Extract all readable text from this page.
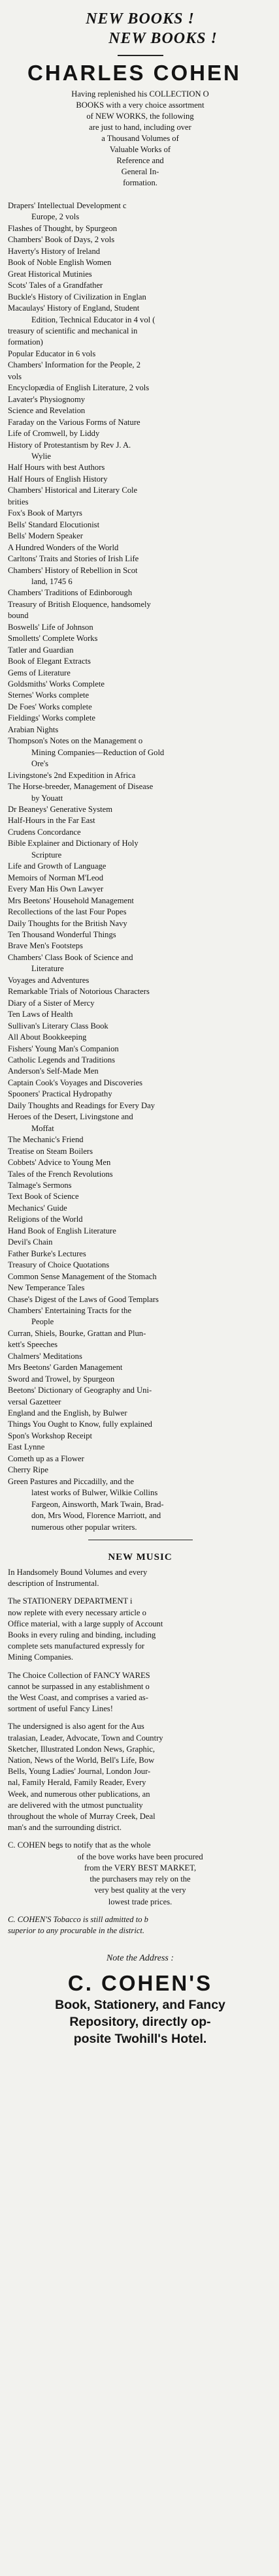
NEW BOOKS !
NEW BOOKS !
CHARLES COHEN
Having replenished his COLLECTION O
BOOKS with a very choice assortment
of NEW WORKS, the following
are just to hand, including over
a Thousand Volumes of
Valuable Works of
Reference and
General In-
formation.
Drapers' Intellectual Development c
Europe, 2 vols
Flashes of Thought, by Spurgeon
Chambers' Book of Days, 2 vols
Haverty's History of Ireland
Book of Noble English Women
Great Historical Mutinies
Scots' Tales of a Grandfather
Buckle's History of Civilization in Englan
Macaulays' History of England, Student
Edition, Technical Educator in 4 vol (
treasury of scientific and mechanical in
formation)
Popular Educator in 6 vols
Chambers' Information for the People, 2
vols
Encyclopædia of English Literature, 2 vols
Lavater's Physiognomy
Science and Revelation
Faraday on the Various Forms of Nature
Life of Cromwell, by Liddy
History of Protestantism by Rev J. A.
Wylie
Half Hours with best Authors
Half Hours of English History
Chambers' Historical and Literary Cole
brities
Fox's Book of Martyrs
Bells' Standard Elocutionist
Bells' Modern Speaker
A Hundred Wonders of the World
Carltons' Traits and Stories of Irish Life
Chambers' History of Rebellion in Scot
land, 1745 6
Chambers' Traditions of Edinborough
Treasury of British Eloquence, handsomely
bound
Boswells' Life of Johnson
Smolletts' Complete Works
Tatler and Guardian
Book of Elegant Extracts
Gems of Literature
Goldsmiths' Works Complete
Sternes' Works complete
De Foes' Works complete
Fieldings' Works complete
Arabian Nights
Thompson's Notes on the Management o
Mining Companies—Reduction of Gold
Ore's
Livingstone's 2nd Expedition in Africa
The Horse-breeder, Management of Disease
by Youatt
Dr Beaneys' Generative System
Half-Hours in the Far East
Crudens Concordance
Bible Explainer and Dictionary of Holy
Scripture
Life and Growth of Language
Memoirs of Norman M'Leod
Every Man His Own Lawyer
Mrs Beetons' Household Management
Recollections of the last Four Popes
Daily Thoughts for the British Navy
Ten Thousand Wonderful Things
Brave Men's Footsteps
Chambers' Class Book of Science and
Literature
Voyages and Adventures
Remarkable Trials of Notorious Characters
Diary of a Sister of Mercy
Ten Laws of Health
Sullivan's Literary Class Book
All About Bookkeeping
Fishers' Young Man's Companion
Catholic Legends and Traditions
Anderson's Self-Made Men
Captain Cook's Voyages and Discoveries
Spooners' Practical Hydropathy
Daily Thoughts and Readings for Every Day
Heroes of the Desert, Livingstone and
Moffat
The Mechanic's Friend
Treatise on Steam Boilers
Cobbets' Advice to Young Men
Tales of the French Revolutions
Talmage's Sermons
Text Book of Science
Mechanics' Guide
Religions of the World
Hand Book of English Literature
Devil's Chain
Father Burke's Lectures
Treasury of Choice Quotations
Common Sense Management of the Stomach
New Temperance Tales
Chase's Digest of the Laws of Good Templars
Chambers' Entertaining Tracts for the
People
Curran, Shiels, Bourke, Grattan and Plun-
kett's Speeches
Chalmers' Meditations
Mrs Beetons' Garden Management
Sword and Trowel, by Spurgeon
Beetons' Dictionary of Geography and Uni-
versal Gazetteer
England and the English, by Bulwer
Things You Ought to Know, fully explained
Spon's Workshop Receipt
East Lynne
Cometh up as a Flower
Cherry Ripe
Green Pastures and Piccadilly, and the
latest works of Bulwer, Wilkie Collins
Fargeon, Ainsworth, Mark Twain, Brad-
don, Mrs Wood, Florence Marriott, and
numerous other popular writers.
NEW MUSIC
In Handsomely Bound Volumes and every
description of Instrumental.
The STATIONERY DEPARTMENT i
now replete with every necessary article o
Office material, with a large supply of Account
Books in every ruling and binding, including
complete sets manufactured expressly for
Mining Companies.
The Choice Collection of FANCY WARES
cannot be surpassed in any establishment o
the West Coast, and comprises a varied as-
sortment of useful Fancy Lines!
The undersigned is also agent for the Aus
tralasian, Leader, Advocate, Town and Country
Sketcher, Illustrated London News, Graphic,
Nation, News of the World, Bell's Life, Bow
Bells, Young Ladies' Journal, London Jour-
nal, Family Herald, Family Reader, Every
Week, and numerous other publications, an
are delivered with the utmost punctuality
throughout the whole of Murray Creek, Deal
man's and the surrounding district.
C. COHEN begs to notify that as the whole
of the bove works have been procured
from the VERY BEST MARKET,
the purchasers may rely on the
very best quality at the very
lowest trade prices.
C. COHEN'S Tobacco is still admitted to b
superior to any procurable in the district.
Note the Address :
C. COHEN'S
Book, Stationery, and Fancy
Repository, directly op-
posite Twohill's Hotel.
